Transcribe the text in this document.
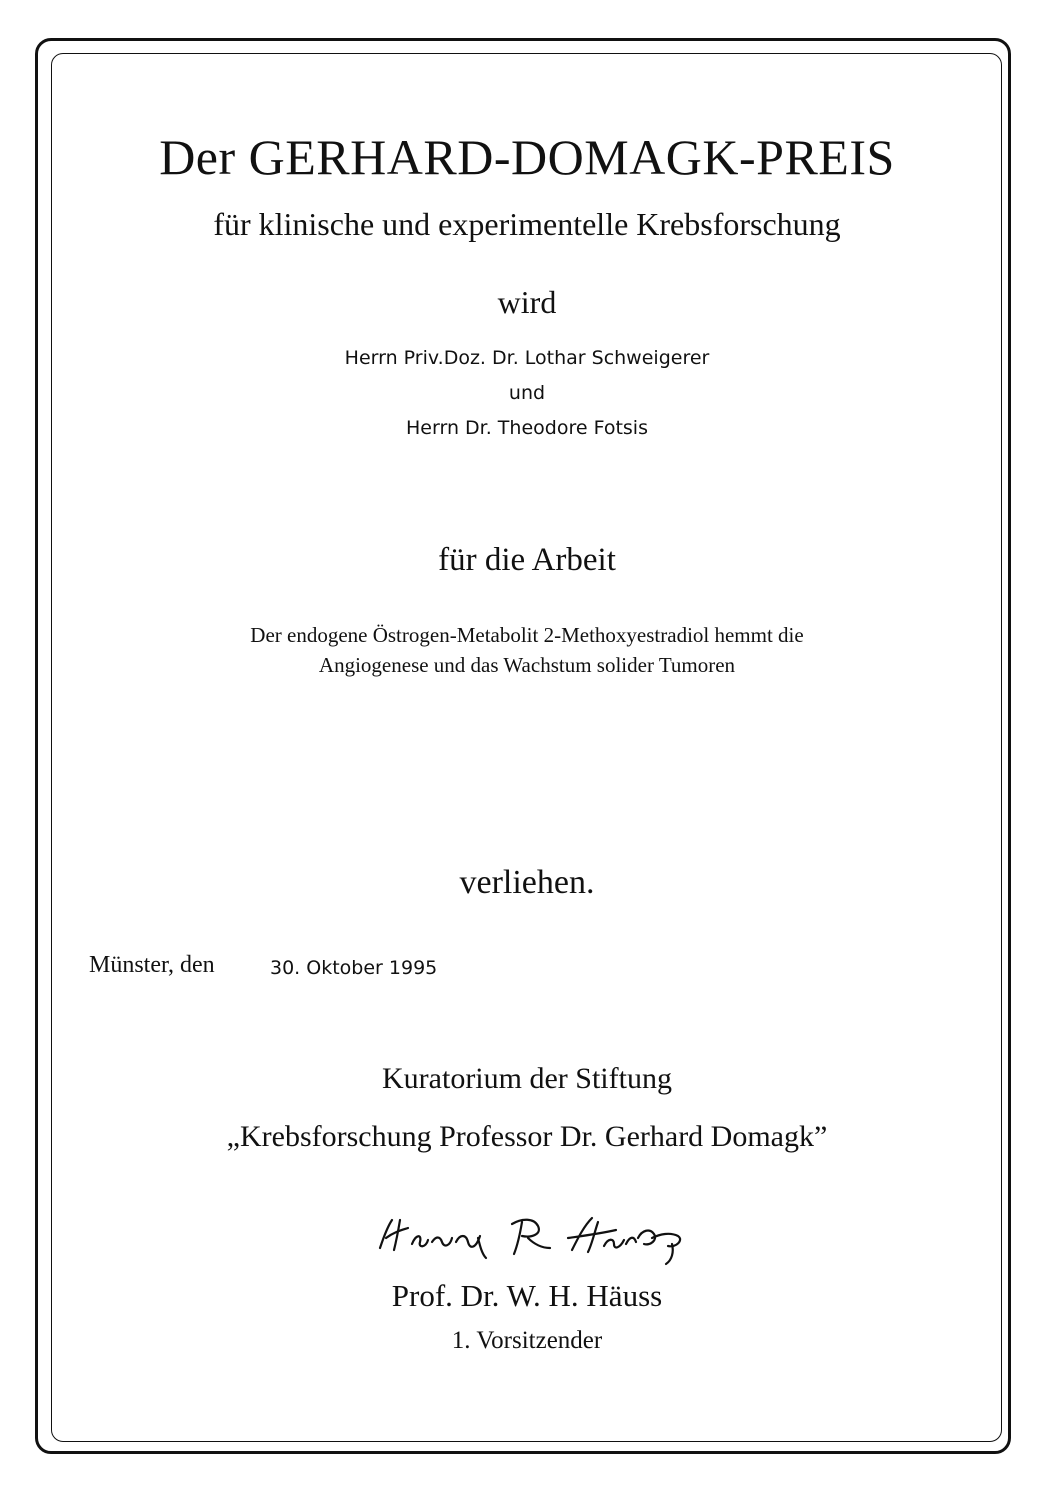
Der GERHARD-DOMAGK-PREIS
für klinische und experimentelle Krebsforschung
wird
Herrn Priv.Doz. Dr. Lothar Schweigerer
und
Herrn Dr. Theodore Fotsis
für die Arbeit
Der endogene Östrogen-Metabolit 2-Methoxyestradiol hemmt die
Angiogenese und das Wachstum solider Tumoren
verliehen.
Münster, den	30. Oktober 1995
Kuratorium der Stiftung
„Krebsforschung Professor Dr. Gerhard Domagk”
Prof. Dr. W. H. Häuss
1. Vorsitzender
